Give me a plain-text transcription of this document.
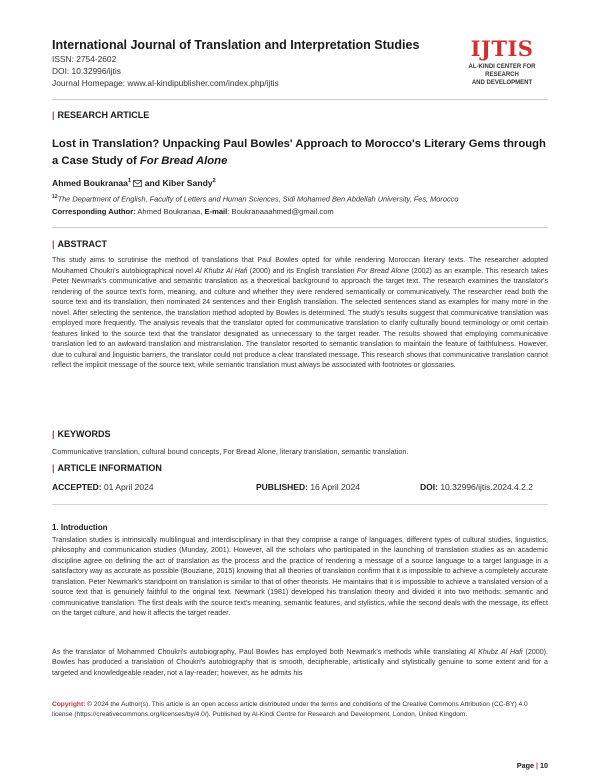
International Journal of Translation and Interpretation Studies
ISSN: 2754-2602
DOI: 10.32996/ijtis
Journal Homepage: www.al-kindipublisher.com/index.php/ijtis
IJTIS
AL-KINDI CENTER FOR RESEARCH
AND DEVELOPMENT
| RESEARCH ARTICLE
Lost in Translation? Unpacking Paul Bowles' Approach to Morocco's Literary Gems through a Case Study of For Bread Alone
Ahmed Boukranaa$^1$  and Kiber Sandy$^2$
$^{12}$The Department of English, Faculty of Letters and Human Sciences, Sidi Mohamed Ben Abdellah University, Fes, Morocco
Corresponding Author: Ahmed Boukranaa, E-mail: Boukranaaahmed@gmail.com
| ABSTRACT
This study aims to scrutinise the method of translations that Paul Bowles opted for while rendering Moroccan literary texts. The researcher adopted Mouhamed Choukri's autobiographical novel Al Khubz Al Hafi (2000) and its English translation For Bread Alone (2002) as an example. This research takes Peter Newmark's communicative and semantic translation as a theoretical background to approach the target text. The research examines the translator's rendering of the source text's form, meaning, and culture and whether they were rendered semantically or communicatively. The researcher read both the source text and its translation, then nominated 24 sentences and their English translation. The selected sentences stand as examples for many more in the novel. After selecting the sentence, the translation method adopted by Bowles is determined. The study's results suggest that communicative translation was employed more frequently. The analysis reveals that the translator opted for communicative translation to clarify culturally bound terminology or omit certain features linked to the source text that the translator designated as unnecessary to the target reader. The results showed that employing communicative translation led to an awkward translation and mistranslation. The translator resorted to semantic translation to maintain the feature of faithfulness. However, due to cultural and linguistic barriers, the translator could not produce a clear translated message. This research shows that communicative translation cannot reflect the implicit message of the source text, while semantic translation must always be associated with footnotes or glossaries.
| KEYWORDS
Communicative translation, cultural bound concepts, For Bread Alone, literary translation, semantic translation.
| ARTICLE INFORMATION
ACCEPTED: 01 April 2024	PUBLISHED: 16 April 2024	DOI: 10.32996/ijtis.2024.4.2.2
1. Introduction
Translation studies is intrinsically multilingual and interdisciplinary in that they comprise a range of languages, different types of cultural studies, linguistics, philosophy and communication studies (Munday, 2001). However, all the scholars who participated in the launching of translation studies as an academic discipline agree on defining the act of translation as the process and the practice of rendering a message of a source language to a target language in a satisfactory way as accurate as possible (Bouziane, 2015) knowing that all theories of translation confirm that it is impossible to achieve a completely accurate translation. Peter Newmark's standpoint on translation is similar to that of other theorists. He maintains that it is impossible to achieve a translated version of a source text that is genuinely faithful to the original text. Newmark (1981) developed his translation theory and divided it into two methods: semantic and communicative translation. The first deals with the source text's meaning, semantic features, and stylistics, while the second deals with the message, its effect on the target culture, and how it affects the target reader.
As the translator of Mohammed Choukri's autobiography, Paul Bowles has employed both Newmark's methods while translating Al Khubz Al Hafi (2000). Bowles has produced a translation of Choukri's autobiography that is smooth, decipherable, artistically and stylistically genuine to some extent and for a targeted and knowledgeable reader, not a lay-reader; however, as he admits his
Copyright: © 2024 the Author(s). This article is an open access article distributed under the terms and conditions of the Creative Commons Attribution (CC-BY) 4.0 license (https://creativecommons.org/licenses/by/4.0/). Published by Al-Kindi Centre for Research and Development, London, United Kingdom.
Page | 10
